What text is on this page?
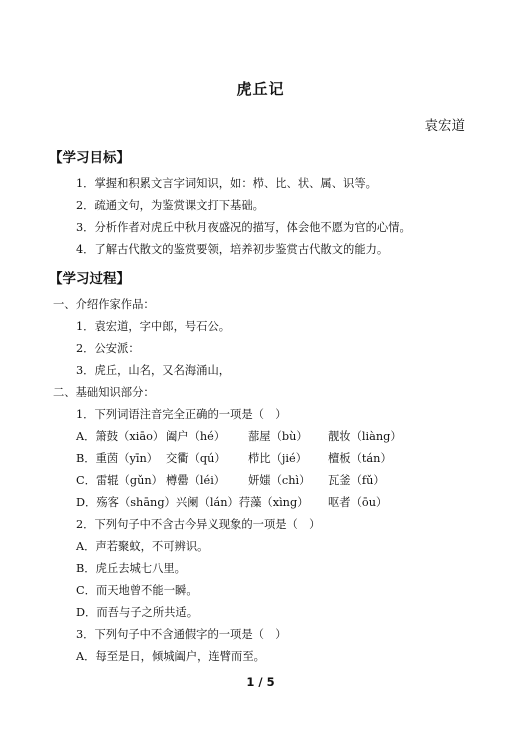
虎丘记
袁宏道
【学习目标】
1．掌握和积累文言字词知识，如：栉、比、状、属、识等。
2．疏通文句，为鉴赏课文打下基础。
3．分析作者对虎丘中秋月夜盛况的描写，体会他不愿为官的心情。
4．了解古代散文的鉴赏要领，培养初步鉴赏古代散文的能力。
【学习过程】
一、介绍作家作品：
1．袁宏道，字中郎，号石公。
2．公安派：
3．虎丘，山名，又名海涌山，
二、基础知识部分：
1．下列词语注音完全正确的一项是（　）
A．箫鼓（xiāo） 阖户（hé） 蔀屋（bù） 靓妆（liàng）
B．重茵（yīn） 交衢（qú） 栉比（jié） 檀板（tán）
C．雷辊（gǔn） 樽罍（léi） 妍媸（chì） 瓦釜（fǔ）
D．殇客（shāng）兴阑（lán）荇藻（xìng） 呕者（ōu）
2．下列句子中不含古今异义现象的一项是（　）
A．声若聚蚊，不可辨识。
B．虎丘去城七八里。
C．而天地曾不能一瞬。
D．而吾与子之所共适。
3．下列句子中不含通假字的一项是（　）
A．每至是日，倾城阖户，连臂而至。
1 / 5
